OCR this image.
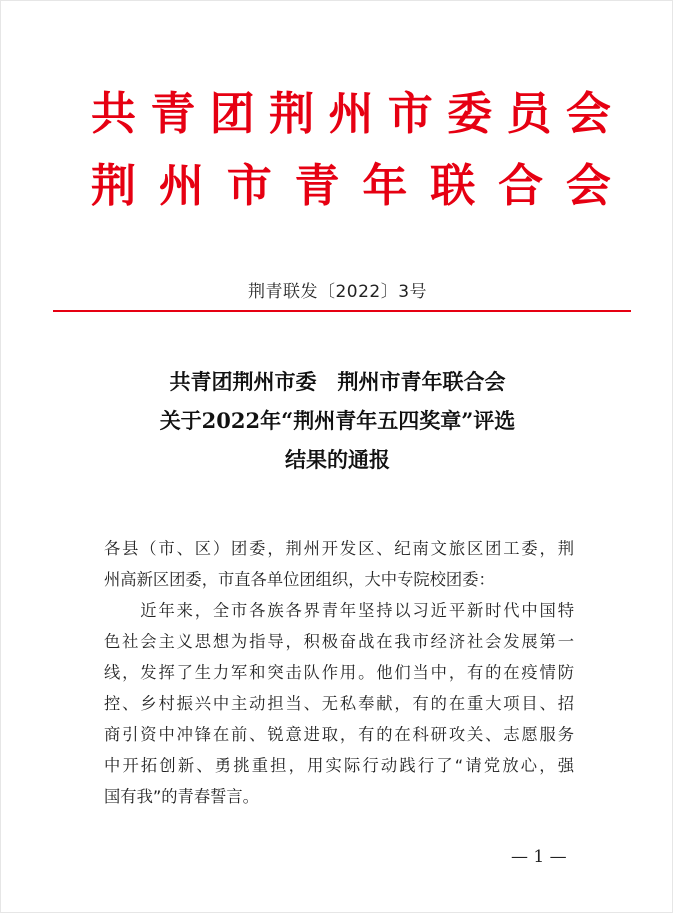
共 青 团 荆 州 市 委 员 会
荆 州 市 青 年 联 合 会
荆青联发〔2022〕3号
共青团荆州市委　荆州市青年联合会
关于2022年“荆州青年五四奖章”评选
结果的通报
各县（市、区）团委，荆州开发区、纪南文旅区团工委，荆
州高新区团委，市直各单位团组织，大中专院校团委：
　　近年来，全市各族各界青年坚持以习近平新时代中国特
色社会主义思想为指导，积极奋战在我市经济社会发展第一
线，发挥了生力军和突击队作用。他们当中，有的在疫情防
控、乡村振兴中主动担当、无私奉献，有的在重大项目、招
商引资中冲锋在前、锐意进取，有的在科研攻关、志愿服务
中开拓创新、勇挑重担，用实际行动践行了“请党放心，强
国有我”的青春誓言。
— 1 —
